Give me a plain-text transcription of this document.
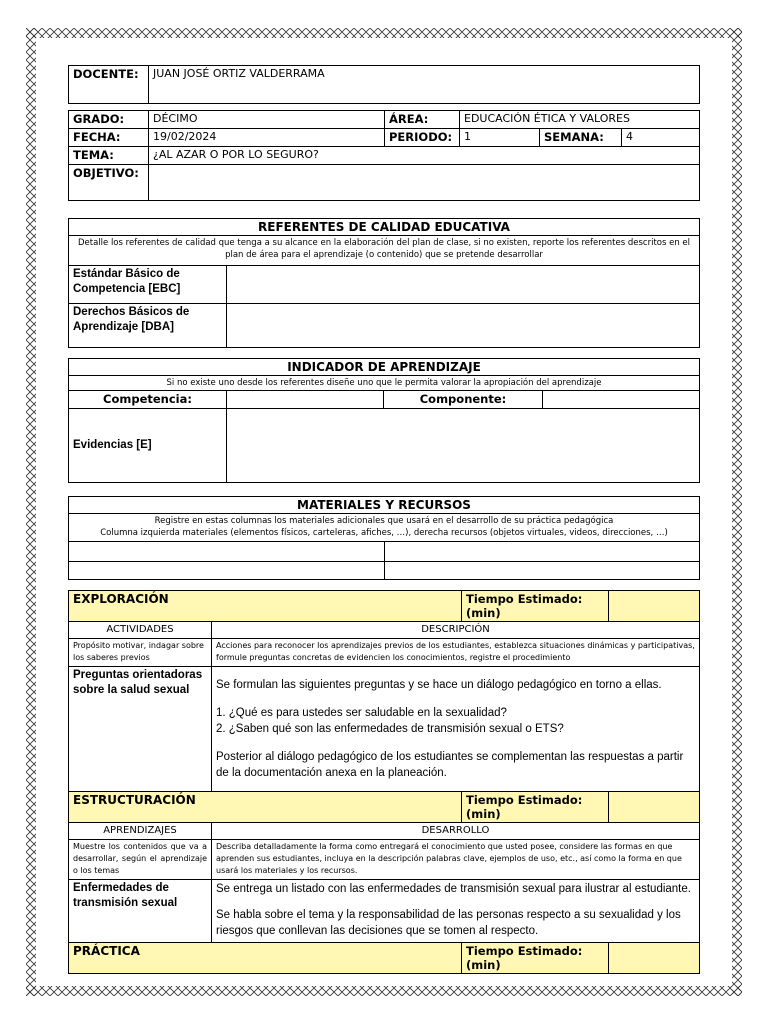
DOCENTE:	JUAN JOSÉ ORTIZ VALDERRAMA
GRADO:	DÉCIMO	ÁREA:	EDUCACIÓN ÉTICA Y VALORES		
FECHA:	19/02/2024	PERIODO:	1	SEMANA:	4
TEMA:	¿AL AZAR O POR LO SEGURO?				
OBJETIVO:					
REFERENTES DE CALIDAD EDUCATIVA	
Detalle los referentes de calidad que tenga a su alcance en la elaboración del plan de clase, si no existen, reporte los referentes descritos en el plan de área para el aprendizaje (o contenido) que se pretende desarrollar	
Estándar Básico de Competencia [EBC]	
Derechos Básicos de Aprendizaje [DBA]	
INDICADOR DE APRENDIZAJE			
Si no existe uno desde los referentes diseñe uno que le permita valorar la apropiación del aprendizaje			
Competencia:		Componente:	
Evidencias [E]			
MATERIALES Y RECURSOS	

Registre en estas columnas los materiales adicionales que usará en el desarrollo de su práctica pedagógica
Columna izquierda materiales (elementos físicos, carteleras, afiches, …), derecha recursos (objetos virtuales, videos, direcciones, …)	

EXPLORACIÓN		Tiempo Estimado: (min)	
ACTIVIDADES	DESCRIPCIÓN		
Propósito motivar, indagar sobre los saberes previos	Acciones para reconocer los aprendizajes previos de los estudiantes, establezca situaciones dinámicas y participativas, formule preguntas concretas de evidencien los conocimientos, registre el procedimiento		
Preguntas orientadoras sobre la salud sexual	Se formulan las siguientes preguntas y se hace un diálogo pedagógico en torno a ellas.
1. ¿Qué es para ustedes ser saludable en la sexualidad?
2. ¿Saben qué son las enfermedades de transmisión sexual o ETS?
Posterior al diálogo pedagógico de los estudiantes se complementan las respuestas a partir de la documentación anexa en la planeación.		
ESTRUCTURACIÓN		Tiempo Estimado: (min)	
APRENDIZAJES	DESARROLLO		
Muestre los contenidos que va a desarrollar, según el aprendizaje o los temas	Describa detalladamente la forma como entregará el conocimiento que usted posee, considere las formas en que aprenden sus estudiantes, incluya en la descripción palabras clave, ejemplos de uso, etc., así como la forma en que usará los materiales y los recursos.		
Enfermedades de transmisión sexual	Se entrega un listado con las enfermedades de transmisión sexual para ilustrar al estudiante.
Se habla sobre el tema y la responsabilidad de las personas respecto a su sexualidad y los riesgos que conllevan las decisiones que se tomen al respecto.		
PRÁCTICA	Tiempo Estimado: (min)	
